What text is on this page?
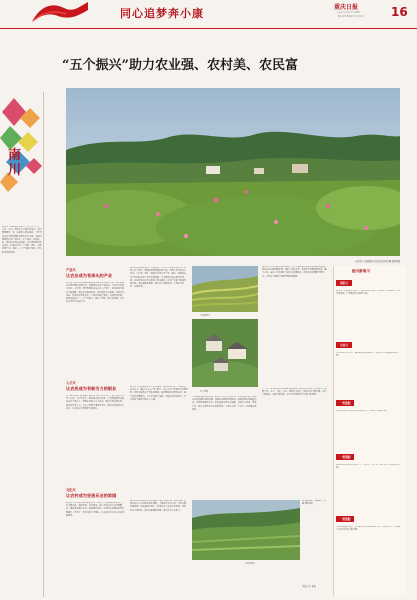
同心追梦奔小康	重庆日报	16
2020年12月17日 星期四
责编 刘萍 美编 张兰 校对 刘伟
南川
南川区全面推进乡村振兴，在产业、人才、文化、生态、组织五个方面持续发力，乡村面貌焕然一新，农民收入稳步提高。全区坚持以农业供给侧结构性改革为主线，加快构建现代农业产业体系、生产体系、经营体系，推动农业高质量发展。大力发展特色效益农业，打造中药材、方竹笋、茶叶、古树茶等产业，促进一二三产业融合发展，带动群众增收致富。
“五个振兴”助力农业强、农村美、农民富
南川区大观镇原点地方观光园荷塘 摄/蒋丽
产业兴
让农业成为有奔头的产业
近年来，南川区围绕建设国家级绿色农业示范区目标，深入推进农业供给侧结构性改革，构建现代农业产业体系。全区大力发展中药材、方竹笋、茶叶等特色效益农业，打造了一批有影响力的农产品品牌，推动农业提质增效。依托良好生态资源，发展乡村旅游、休闲农业等新业态，实现农旅融合发展，带动群众增收。同时加快农村一二三产业融合，延长产业链，提升价值链，让农业成为有奔头的产业。
人才兴
让农民成为有吸引力的职业
人才是乡村振兴的关键。南川区实施“引才回乡”工程，吸引外出务工人员、大学毕业生、退伍军人返乡创业，培育新型职业农民和农村实用人才，组建乡村振兴人才队伍。通过开展技能培训、创业扶持等方式，为人才搭建干事创业平台，激发乡村发展内生动力，让农民成为有吸引力的职业。
文化兴
让农村成为安居乐业的家园
南川区坚持物质文明和精神文明一起抓，持续推进移风易俗，培育文明乡风、良好家风、淳朴民风。深入开展农村人居环境整治，建设美丽宜居乡村，推进厕所革命、垃圾污水治理和村容村貌提升，打造了一批乡村振兴示范村，让农村成为安居乐业的美丽家园。
南川区积极推进农业产业化发展，培育壮大农业龙头企业、农民专业合作社、家庭农场等新型经营主体。目前全区已形成中药材、方竹笋、茶叶、特色水果等主导产业，建成一批现代农业产业园和农业产业化示范基地。产业发展带动农民持续增收，农村居民人均可支配收入稳步提高，乡村产业振兴取得显著成效。推动品牌化建设，提升农产品附加值，实现农业增效、农民增收。
南川区大力推进农村人才队伍建设，深化校地合作，引进农业技术人才。通过“人才+产业”模式，让人才在产业发展中发挥作用。同时加强基层干部队伍建设，选优配强村党组织书记，提升基层治理能力，夯实乡村振兴基础，增强农村发展活力，为乡村振兴提供坚强人才支撑。
南川区深入挖掘传统文化资源，保护传统村落、民族村寨，加强农村公共文化服务体系建设，丰富群众文化生活。开展文明村镇创建，评选星级文明户，弘扬社会主义核心价值观，推动形成文明乡风，提高农民精神风貌，助力乡村文化振兴。
太平镇风光
山王坪镇
生态是南川最大的优势。南川区坚持走生态优先、绿色发展之路，统筹山水林田湖草系统治理，加强农业面源污染防治，推进化肥农药减量增效，发展绿色循环农业。依托金佛山等生态资源，发展生态旅游、康养产业，将生态优势转化为发展优势，实现生态美、产业兴、百姓富的有机统一。
大观园景区
南川区坚持以党建引领乡村振兴，充分发挥农村基层党组织战斗堡垒作用和党员先锋模范作用。深化“三变”改革，发展壮大村级集体经济，健全自治、法治、德治相结合的乡村治理体系，推动乡村治理能力现代化，为乡村全面振兴提供坚强组织保障。
下一步，南川区将持续巩固拓展脱贫攻坚成果同乡村振兴有效衔接，聚焦产业、人才、文化、生态、组织五大振兴，推动农业全面升级、农村全面进步、农民全面发展，奋力谱写新时代乡村振兴新篇章。
群众获得感、幸福感、安全感不断增强。
本报记者 某某
振兴新南川
组织兴
南川区全面推进乡村振兴，建成市级乡村振兴示范村，打造农业产业化示范基地，培育新型农业经营主体。
生态兴
生态环境持续改善，森林覆盖率稳步提升，农村人居环境整治成效显著。
一组数据
农村居民人均可支配收入稳步增长，增速高于城镇居民。
一组数据
特色效益农业规模持续扩大，中药材、方竹笋、茶叶等产业带动群众增收。
一组数据
乡村旅游蓬勃发展，接待游客人次和旅游综合收入实现双增长，农旅融合成为乡村振兴新引擎。
